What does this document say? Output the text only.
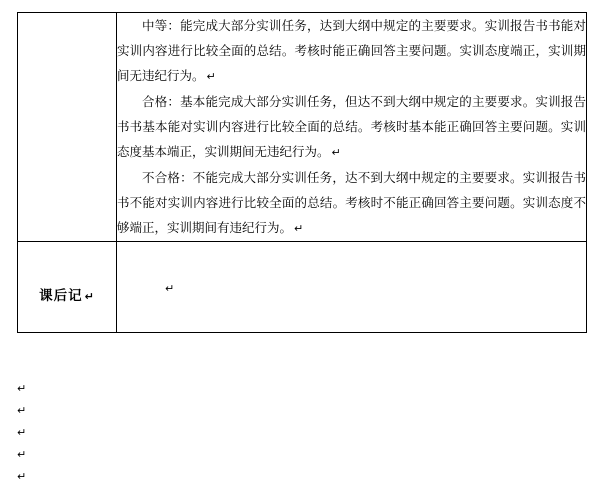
	中等：能完成大部分实训任务，达到大纲中规定的主要要求。实训报告书书能对实训内容进行比较全面的总结。考核时能正确回答主要问题。实训态度端正，实训期间无违纪行为。 ↵

合格：基本能完成大部分实训任务，但达不到大纲中规定的主要要求。实训报告书书基本能对实训内容进行比较全面的总结。考核时基本能正确回答主要问题。实训态度基本端正，实训期间无违纪行为。 ↵

不合格：不能完成大部分实训任务，达不到大纲中规定的主要要求。实训报告书书不能对实训内容进行比较全面的总结。考核时不能正确回答主要问题。实训态度不够端正，实训期间有违纪行为。 ↵

课后记 ↵	↵
↵
↵
↵
↵
↵
